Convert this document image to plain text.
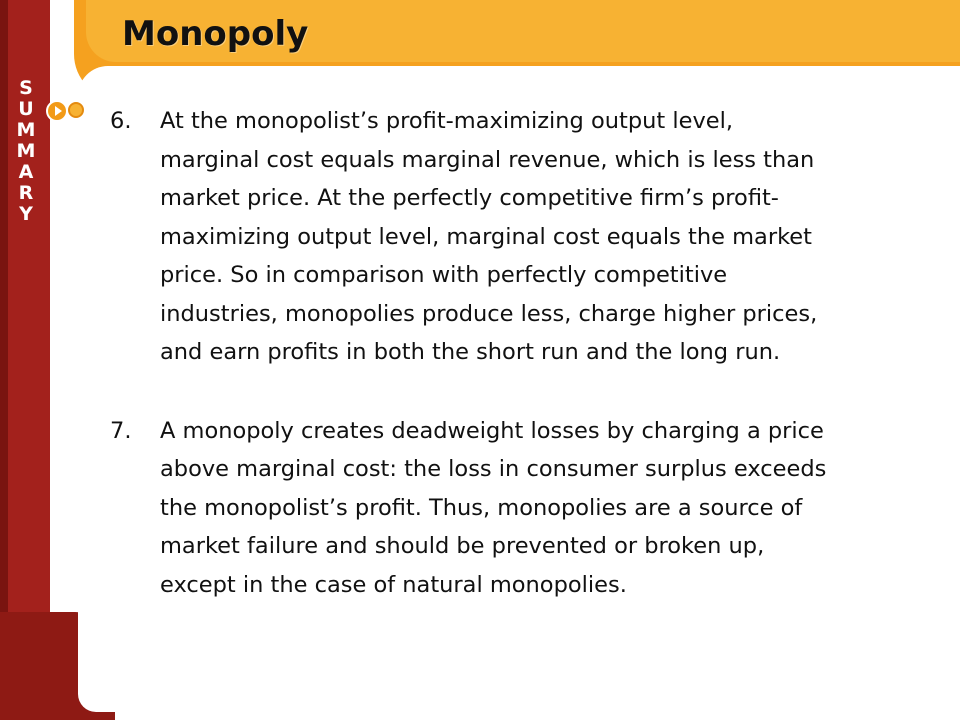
S
U
M
M
A
R
Y
Monopoly
6.	At the monopolist’s profit-maximizing output level,
marginal cost equals marginal revenue, which is less than
market price. At the perfectly competitive firm’s profit-
maximizing output level, marginal cost equals the market
price. So in comparison with perfectly competitive
industries, monopolies produce less, charge higher prices,
and earn profits in both the short run and the long run.
7.	A monopoly creates deadweight losses by charging a price
above marginal cost: the loss in consumer surplus exceeds
the monopolist’s profit. Thus, monopolies are a source of
market failure and should be prevented or broken up,
except in the case of natural monopolies.
